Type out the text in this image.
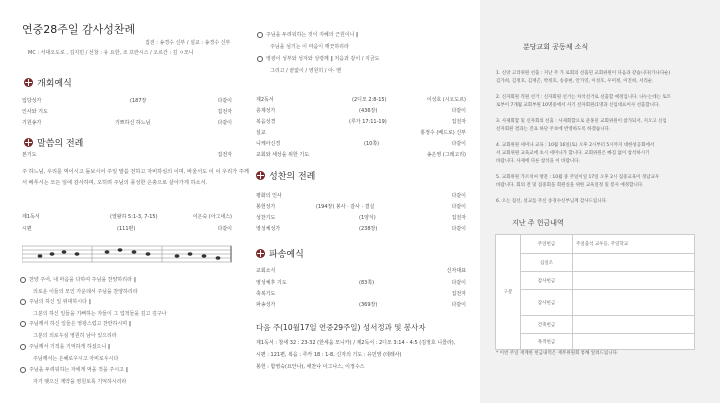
연중28주일 감사성찬례
집전 : 송경수 신부 / 설교 : 송경수 신부
MC : 서대오도로 , 김지민 / 선창 : 유 요한, 조 프란시스 / 오르간 : 김 ㅇ모니
개회예식
입당성가	(187장	다같이
인사와 기도	집전자
기원송가	기쁘하신 하느님	다같이
말씀의 전례
본기도	집전자
주 하느님, 우리를 먹이시고 돌보시어 주일 말씀 전하고 자비하심의 이며, 바울서도 이 이 우리가 주께
서 베푸시는 모든 일에 감사하며, 오히려 주님의 풍성한 은총으로 살아가게 하소서.
제1독서	(열왕하 5:1-3, 7-15)	이은숙 (아그네스)
시편	(111편)	다같이
찬양 주어, 내 마음을 다하여 주님을 찬양하리라 ‖
의로운 이들의 모인 가운데서 주님을 찬양하리라
주님의 하신 일 위대하시다 ‖
그분의 하신 일들을 기뻐하는 자들이 그 업적들을 깊고 깊구나
주님께서 하신 일들은 영광스럽고 찬란하시며 ‖
그분의 의로우심 영원히 남아 있으리라
주님께서 기적을 기억하게 하셨으니 ‖
주님께서는 은혜로우시고 자비로우시다
주님을 두려워하는 자에게 먹을 것을 주시고 ‖
자기 맺으신 계약을 영원토록 기억하시리라
주님을 두려워하는 것이 지혜의 근원이니 ‖
주님을 섬기는 이 마음이 깨끗하리라
영광이 성부와 성자와 성령께 ‖ 처음과 같이 / 지금도
그리고 / 끝없이 / 영원히 / 아- 멘
제2독서	(2디모 2:8-15)	이성호 (시오도르)
층계성가	(436장)	다같이
복음성경	(루가 17:11-19)	집전자
설교	홍정수 (베드로) 신부
니케아신경	(10쪽)	다같이
교회와 세상을 위한 기도	송은영 (그레고리)
성찬의 전례
평화의 인사	다같이
봉헌성가	(194장) 봉사 · 감사 · 결실	다같이
성찬기도	(1양식)	집전자
영성체성가	(238장)	다같이
파송예식
교회소식	신자대표
영성체후 기도	(83쪽)	다같이
축복기도	집전자
파송성가	(369장)	다같이
다음 주(10월17일 연중29주일) 성서정과 및 봉사자
제1독서 : 창세 32 : 23-32 (한세움 모니카) / 제2독서 : 2디모 3:14 - 4:5 (김정호 니콜라),
시편 : 121편, 복음 : 루카 18 : 1-8, 신자의 기도 : 유민영 (데레사)
봉헌 : 함영숙(요안나), 애찬나 이그나스, 이정수스
분당교회 공동체 소식
1. 신앙 고리위원 선출 : 지난 주 가 로회의 선출된 교회위원이 다음과 같습니다(가나다순)
김가희, 김정호, 김재곤, 박정호, 송중현, 안가연, 이성호, 우미정, 이진희, 서리순.
2. 신자회원 직원 선거 : 신자회원 선거는 차석선거로 선출합 예정입니다. 나누는데는 토트
로부이 7개월 교회부원 10명중에서 사기 선자회원(1명과 신임대표이사 선출합니다.
3. 사제회합 및 신자회의 선출 : 사제회합으로 준홍된 교회위원이 참가되서, 지오고 신임
선자회원 결과는 진표 하단 주보에 반영하도록 하겠습니다.
4. 교회위원 세미나 교육 : 10월 16일(토) 오후 2시부터 5시까지 대한성공회에서
서 교회위원 교육교에 초시 세미나가 합니다. 교회위원은 빠짐 없이 참석하시기
바랍니다. 사제에 다른 참석을 이 바랍니다.
5. 교회위원 가르치씨 방문 : 10월 중 주일이일 17일 오후 2시 집중교육이 정납교우
바랍니다. 회의 전 및 집중회을 회원실을 위한 교육일정 및 봉사 예정합니다.
6. 오는 집선, 설교를 주신 송경수신부님께 감사드립니다.
지난 주 헌금내역
구분	주일헌금	주일출석 교우들, 주일학교
	십일조	
	감사헌금	
	감사헌금	
	건축헌금	
	목적헌금	
* 이번 주일 재계한 헌금내역은 재무위원회 통해 알려드립니다.
